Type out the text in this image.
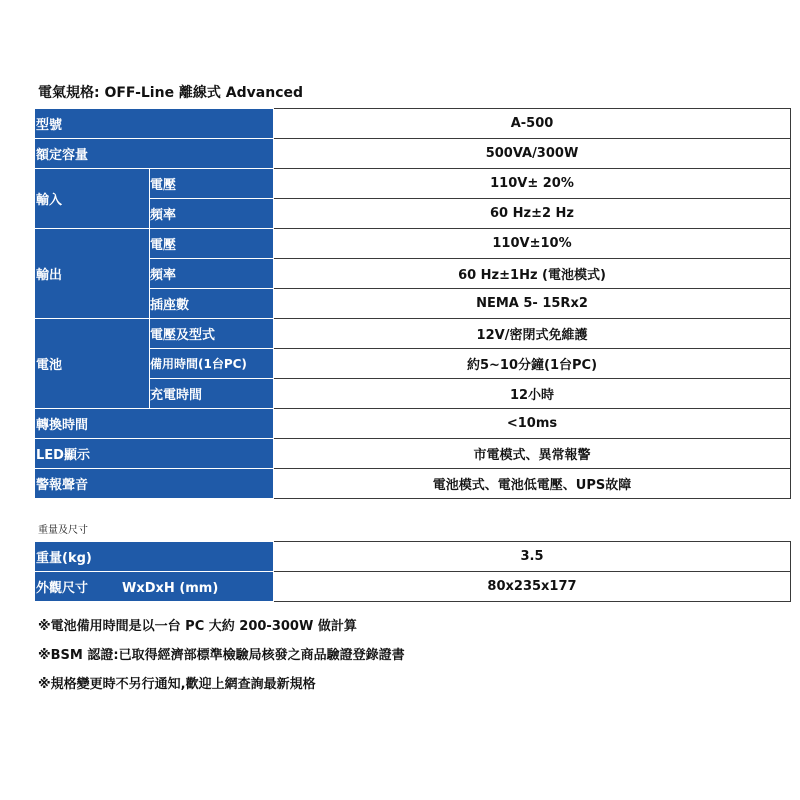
電氣規格: OFF-Line 離線式 Advanced
型號		A-500
額定容量		500VA/300W
輸入	電壓	110V± 20%
	頻率	60 Hz±2 Hz
輸出	電壓	110V±10%
	頻率	60 Hz±1Hz (電池模式)
	插座數	NEMA 5- 15Rx2
電池	電壓及型式	12V/密閉式免維護
	備用時間(1台PC)	約5~10分鐘(1台PC)
	充電時間	12小時
轉換時間		<10ms
LED顯示		市電模式、異常報警
警報聲音		電池模式、電池低電壓、UPS故障
重量及尺寸
重量(kg)	3.5
外觀尺寸 WxDxH (mm)	80x235x177
※電池備用時間是以一台 PC 大約 200-300W 做計算
※BSM 認證:已取得經濟部標準檢驗局核發之商品驗證登錄證書
※規格變更時不另行通知,歡迎上網查詢最新規格
